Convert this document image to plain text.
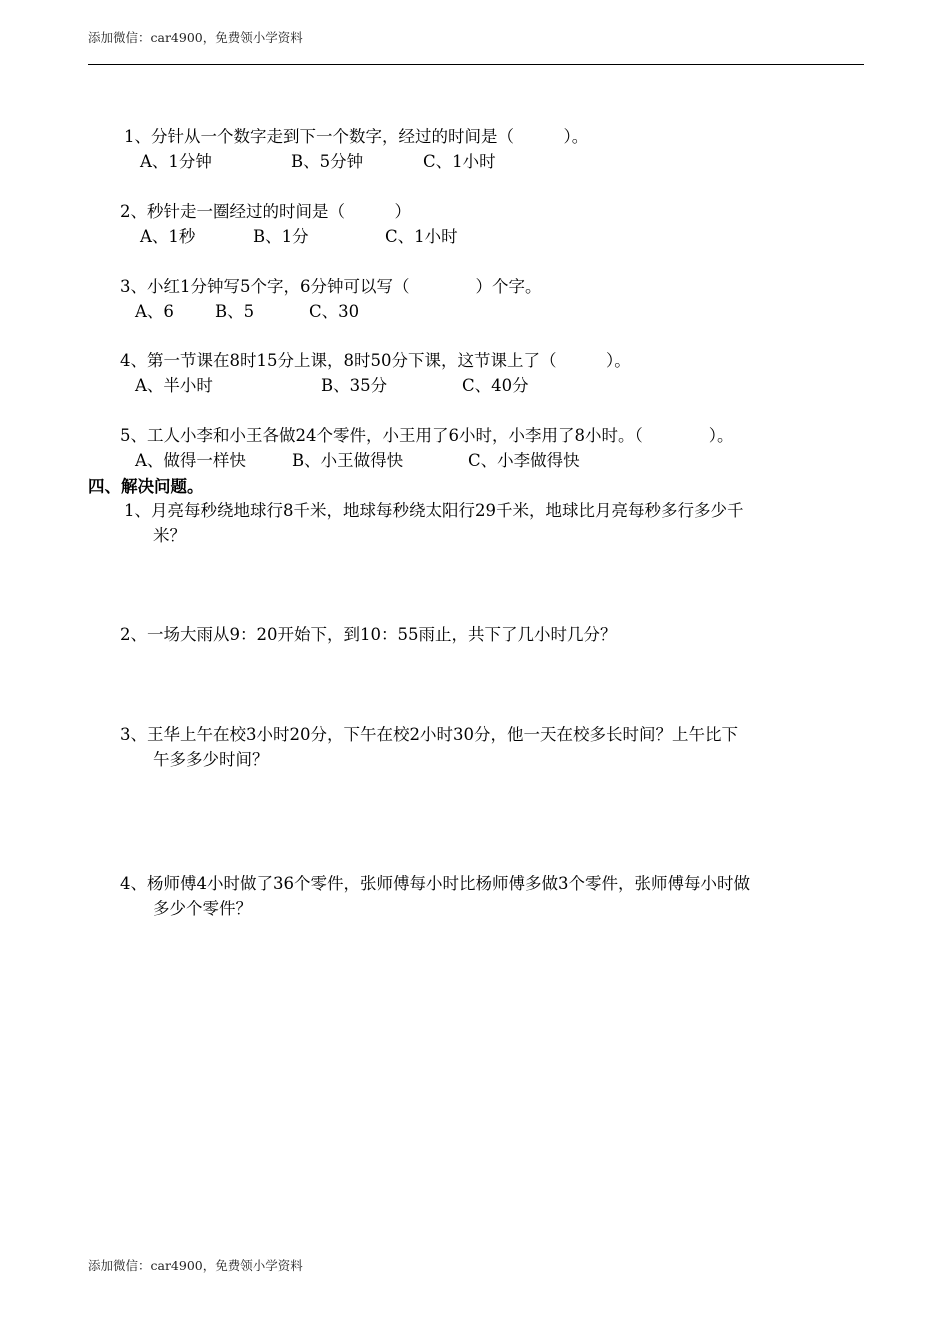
添加微信：car4900，免费领小学资料
1、分针从一个数字走到下一个数字，经过的时间是（　　　）。
A、1分钟	B、5分钟	C、1小时
2、秒针走一圈经过的时间是（　　　）
A、1秒	B、1分	C、1小时
3、小红1分钟写5个字，6分钟可以写（　　　　）个字。
A、6 B、5	C、30
4、第一节课在8时15分上课，8时50分下课，这节课上了（　　　）。
A、半小时	B、35分	C、40分
5、工人小李和小王各做24个零件，小王用了6小时，小李用了8小时。（　　　　）。
A、做得一样快	B、小王做得快	C、小李做得快
四、解决问题。
1、月亮每秒绕地球行8千米，地球每秒绕太阳行29千米，地球比月亮每秒多行多少千
米？
2、一场大雨从9：20开始下，到10：55雨止，共下了几小时几分？
3、王华上午在校3小时20分，下午在校2小时30分，他一天在校多长时间？上午比下
午多多少时间？
4、杨师傅4小时做了36个零件，张师傅每小时比杨师傅多做3个零件，张师傅每小时做
多少个零件？
添加微信：car4900，免费领小学资料
